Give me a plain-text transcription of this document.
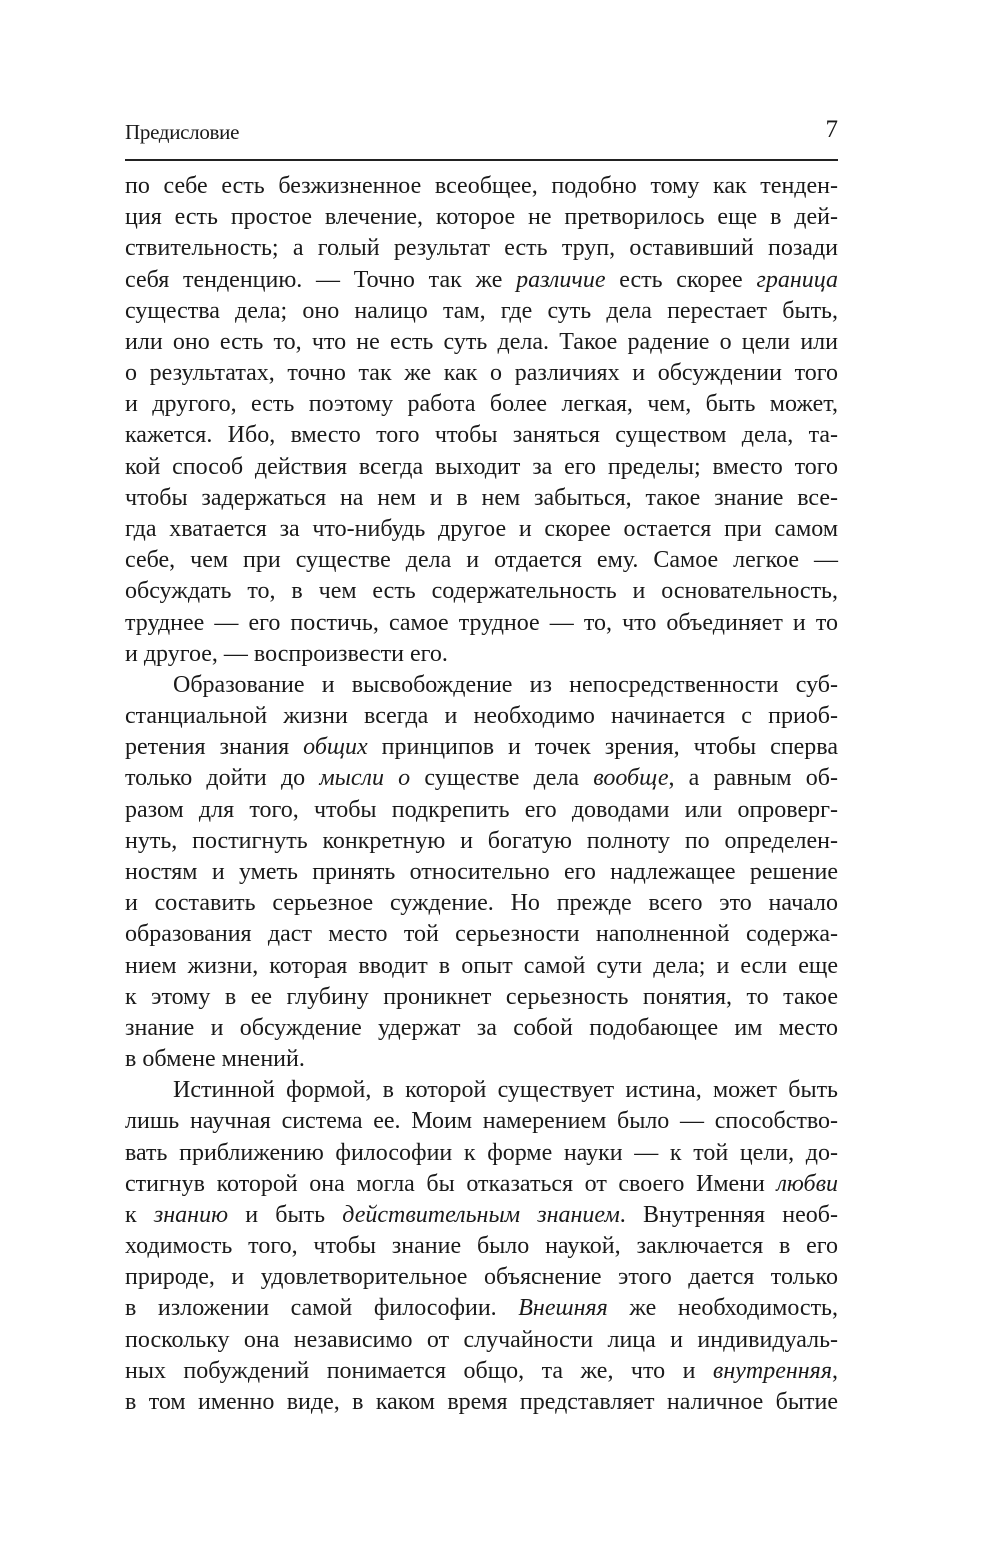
Предисловие	7
по себе есть безжизненное всеобщее, подобно тому как тенден-
ция есть простое влечение, которое не претворилось еще в дей-
ствительность; а голый результат есть труп, оставивший позади
себя тенденцию. — Точно так же различие есть скорее граница
существа дела; оно налицо там, где суть дела перестает быть,
или оно есть то, что не есть суть дела. Такое радение о цели или
о результатах, точно так же как о различиях и обсуждении того
и другого, есть поэтому работа более легкая, чем, быть может,
кажется. Ибо, вместо того чтобы заняться существом дела, та-
кой способ действия всегда выходит за его пределы; вместо того
чтобы задержаться на нем и в нем забыться, такое знание все-
гда хватается за что-нибудь другое и скорее остается при самом
себе, чем при существе дела и отдается ему. Самое легкое —
обсуждать то, в чем есть содержательность и основательность,
труднее — его постичь, самое трудное — то, что объединяет и то
и другое, — воспроизвести его.
Образование и высвобождение из непосредственности суб-
станциальной жизни всегда и необходимо начинается с приоб-
ретения знания общих принципов и точек зрения, чтобы сперва
только дойти до мысли о существе дела вообще, а равным об-
разом для того, чтобы подкрепить его доводами или опроверг-
нуть, постигнуть конкретную и богатую полноту по определен-
ностям и уметь принять относительно его надлежащее решение
и составить серьезное суждение. Но прежде всего это начало
образования даст место той серьезности наполненной содержа-
нием жизни, которая вводит в опыт самой сути дела; и если еще
к этому в ее глубину проникнет серьезность понятия, то такое
знание и обсуждение удержат за собой подобающее им место
в обмене мнений.
Истинной формой, в которой существует истина, может быть
лишь научная система ее. Моим намерением было — способство-
вать приближению философии к форме науки — к той цели, до-
стигнув которой она могла бы отказаться от своего Имени любви
к знанию и быть действительным знанием. Внутренняя необ-
ходимость того, чтобы знание было наукой, заключается в его
природе, и удовлетворительное объяснение этого дается только
в изложении самой философии. Внешняя же необходимость,
поскольку она независимо от случайности лица и индивидуаль-
ных побуждений понимается общо, та же, что и внутренняя,
в том именно виде, в каком время представляет наличное бытие
